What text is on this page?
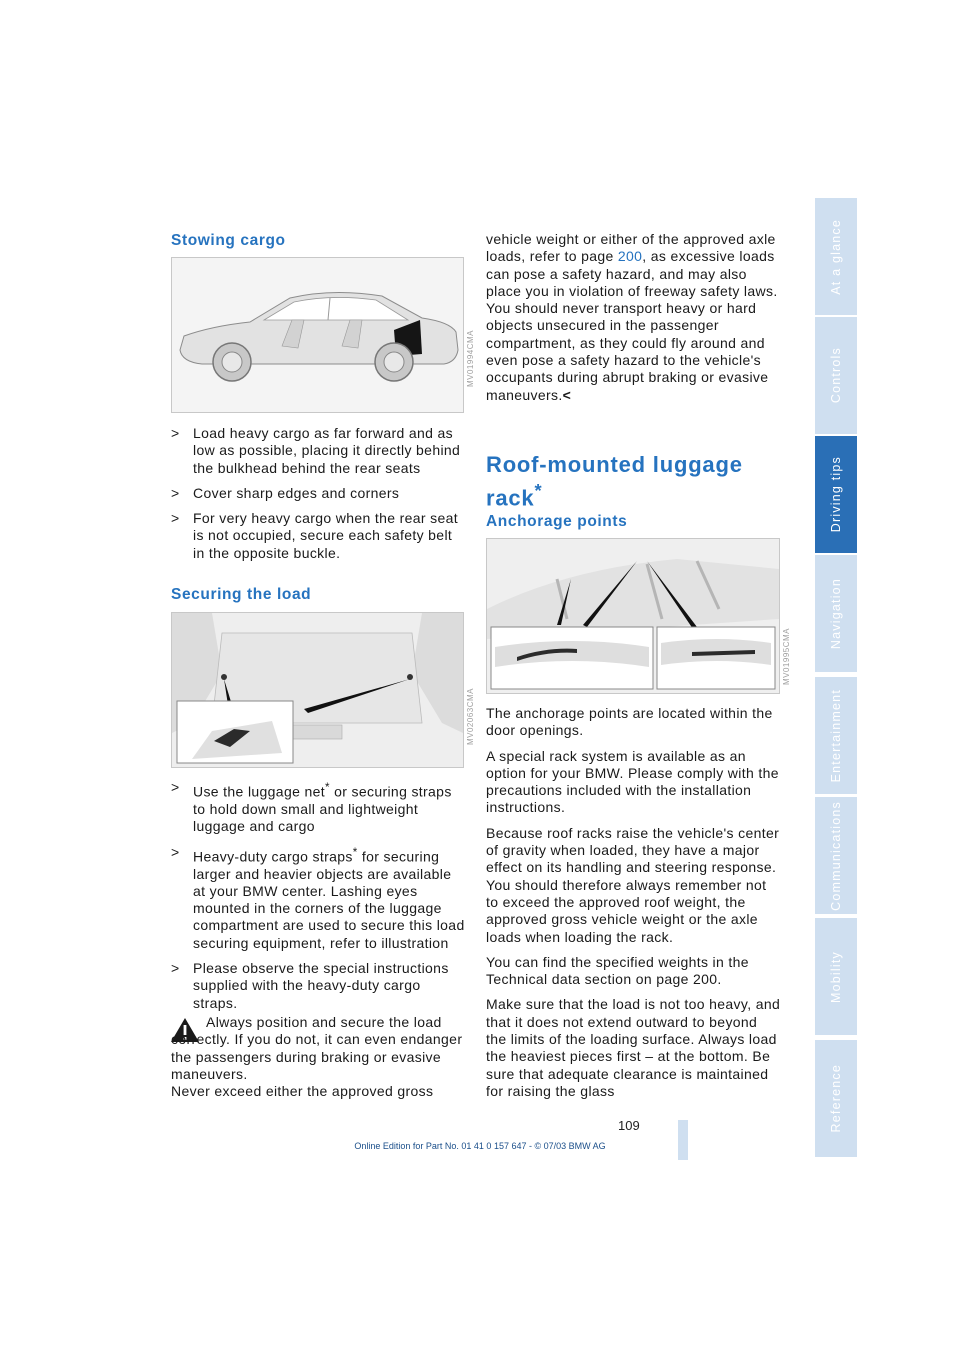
Stowing cargo
MV01994CMA
> Load heavy cargo as far forward and as low as possible, placing it directly behind the bulkhead behind the rear seats
> Cover sharp edges and corners
> For very heavy cargo when the rear seat is not occupied, secure each safety belt in the opposite buckle.
Securing the load
MV02063CMA
> Use the luggage net* or securing straps to hold down small and lightweight luggage and cargo
> Heavy-duty cargo straps* for securing larger and heavier objects are available at your BMW center. Lashing eyes mounted in the corners of the luggage compartment are used to secure this load securing equipment, refer to illustration
> Please observe the special instructions supplied with the heavy-duty cargo straps.

Always position and secure the load correctly. If you do not, it can even endanger the passengers during braking or evasive maneuvers.

Never exceed either the approved gross

vehicle weight or either of the approved axle loads, refer to page 200, as excessive loads can pose a safety hazard, and may also place you in violation of freeway safety laws.

You should never transport heavy or hard objects unsecured in the passenger compartment, as they could fly around and even pose a safety hazard to the vehicle's occupants during abrupt braking or evasive maneuvers.<

Roof-mounted luggage rack*
Anchorage points
MV01995CMA

The anchorage points are located within the door openings.

A special rack system is available as an option for your BMW. Please comply with the precautions included with the installation instructions.

Because roof racks raise the vehicle's center of gravity when loaded, they have a major effect on its handling and steering response.

You should therefore always remember not to exceed the approved roof weight, the approved gross vehicle weight or the axle loads when loading the rack.

You can find the specified weights in the Technical data section on page 200.

Make sure that the load is not too heavy, and that it does not extend outward to beyond the limits of the loading surface. Always load the heaviest pieces first – at the bottom. Be sure that adequate clearance is maintained for raising the glass

At a glance
Controls
Driving tips
Navigation
Entertainment
Communications
Mobility
Reference
109
Online Edition for Part No. 01 41 0 157 647 - © 07/03 BMW AG
